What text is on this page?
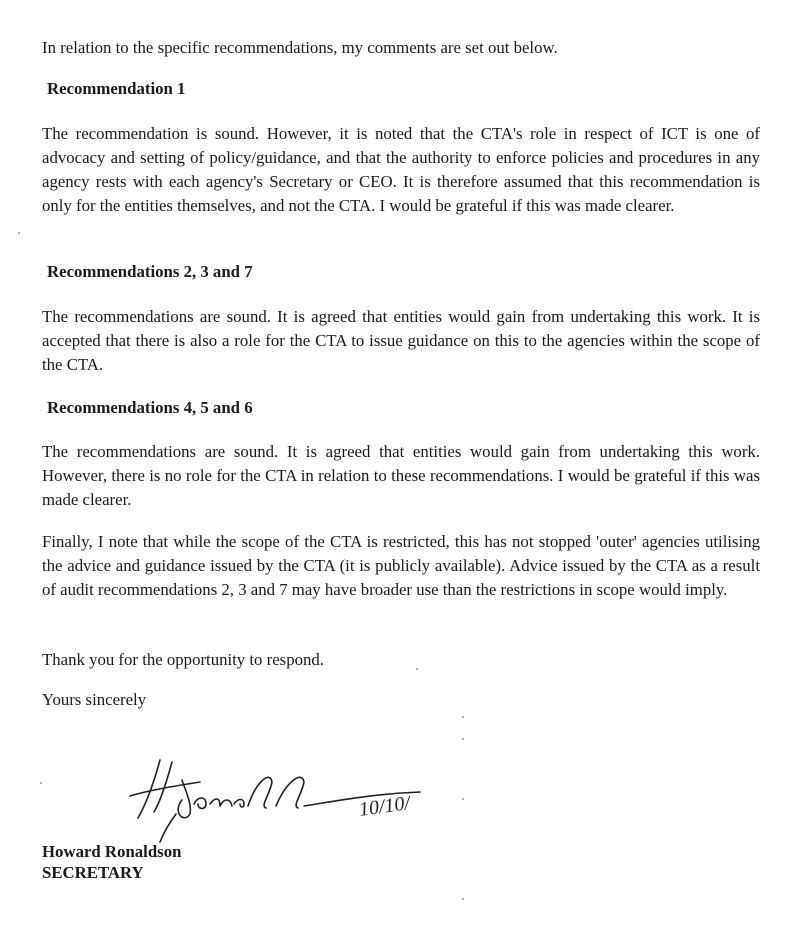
In relation to the specific recommendations, my comments are set out below.

Recommendation 1

The recommendation is sound. However, it is noted that the CTA's role in respect of ICT is one of advocacy and setting of policy/guidance, and that the authority to enforce policies and procedures in any agency rests with each agency's Secretary or CEO. It is therefore assumed that this recommendation is only for the entities themselves, and not the CTA. I would be grateful if this was made clearer.

Recommendations 2, 3 and 7

The recommendations are sound. It is agreed that entities would gain from undertaking this work. It is accepted that there is also a role for the CTA to issue guidance on this to the agencies within the scope of the CTA.

Recommendations 4, 5 and 6

The recommendations are sound. It is agreed that entities would gain from undertaking this work. However, there is no role for the CTA in relation to these recommendations. I would be grateful if this was made clearer.

Finally, I note that while the scope of the CTA is restricted, this has not stopped 'outer' agencies utilising the advice and guidance issued by the CTA (it is publicly available). Advice issued by the CTA as a result of audit recommendations 2, 3 and 7 may have broader use than the restrictions in scope would imply.

Thank you for the opportunity to respond.

Yours sincerely

10/10/

Howard Ronaldson

SECRETARY
